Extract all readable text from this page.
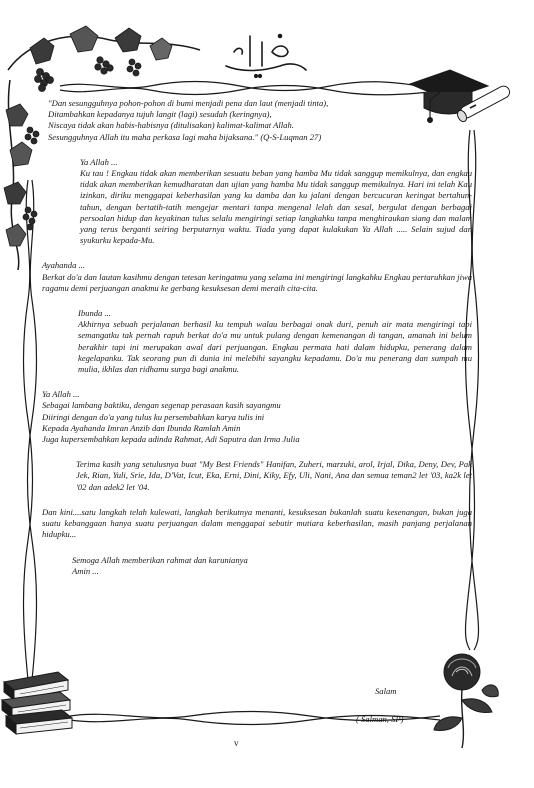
"Dan sesungguhnya pohon-pohon di bumi menjadi pena dan laut (menjadi tinta),

Ditambahkan kepadanya tujuh langit (lagi) sesudah (keringnya),

Niscaya tidak akan habis-habisnya (ditulisakan) kalimat-kalimat Allah.

Sesungguhnya Allah itu maha perkasa lagi maha bijaksana." (Q-S-Luqman 27)

Ya Allah ...

Ku tau ! Engkau tidak akan memberikan sesuatu beban yang hamba Mu tidak sanggup memikulnya, dan engkau tidak akan memberikan kemudharatan dan ujian yang hamba Mu tidak sanggup memikulnya. Hari ini telah Kau izinkan, diriku menggapai keberhasilan yang ku damba dan ku jalani dengan bercucuran keringat bertahun-tahun, dengan bertatih-tatih mengejar mentari tanpa mengenal lelah dan sesal, bergulat dengan berbagai persoalan hidup dan keyakinan tulus selalu mengiringi setiap langkahku tanpa menghiraukan siang dan malam yang terus berganti seiring berputarnya waktu. Tiada yang dapat kulakukan Ya Allah ..... Selain sujud dan syukurku kepada-Mu.

Ayahanda ...

Berkat do'a dan lautan kasihmu dengan tetesan keringatmu yang selama ini mengiringi langkahku Engkau pertaruhkan jiwa ragamu demi perjuangan anakmu ke gerbang kesuksesan demi meraih cita-cita.

Ibunda ...

Akhirnya sebuah perjalanan berhasil ku tempuh walau berbagai onak duri, penuh air mata mengiringi tapi semangatku tak pernah rapuh berkat do'a mu untuk pulang dengan kemenangan di tangan, amanah ini belum berakhir tapi ini merupakan awal dari perjuangan. Engkau permata hati dalam hidupku, penerang dalam kegelapanku. Tak seorang pun di dunia ini melebihi sayangku kepadamu. Do'a mu penerang dan sumpah mu mulia, ikhlas dan ridhamu surga bagi anakmu.

Ya Allah ...

Sebagai lambang baktiku, dengan segenap perasaan kasih sayangmu

Diiringi dengan do'a yang tulus ku persembahkan karya tulis ini

Kepada Ayahanda Imran Anzib dan Ibunda Ramlah Amin

Juga kupersembahkan kepada adinda Rahmat, Adi Saputra dan Irma Julia

Terima kasih yang setulusnya buat "My Best Friends" Hanifan, Zuheri, marzuki, arol, Irjal, Dika, Deny, Dev, Pak Jek, Rian, Yuli, Srie, Ida, D'Vat, Icut, Eka, Erni, Dini, Kiky, Efy, Uli, Nani, Ana dan semua teman2 let '03, ka2k let '02 dan adek2 let '04.

Dan kini....satu langkah telah kulewati, langkah berikutnya menanti, kesuksesan bukanlah suatu kesenangan, bukan juga suatu kebanggaan hanya suatu perjuangan dalam menggapai sebutir mutiara keberhasilan, masih panjang perjalanan hidupku...

Semoga Allah memberikan rahmat dan karunianya

Amin ...

Salam
( Salman, SP)
v
